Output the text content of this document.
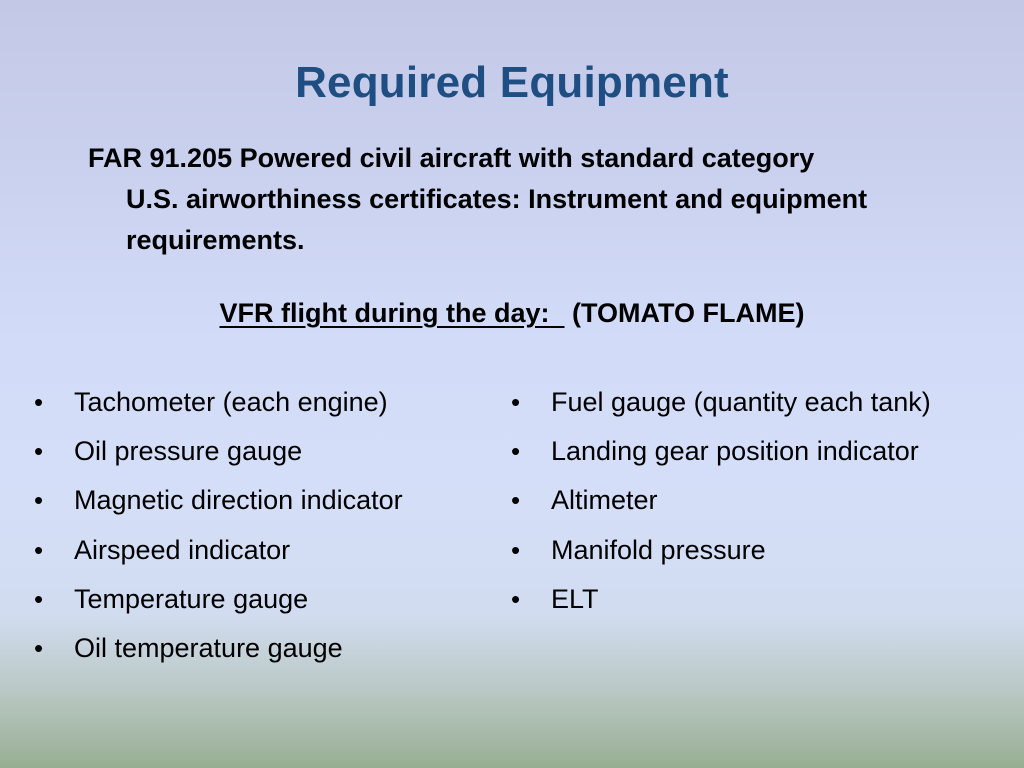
Required Equipment
FAR 91.205 Powered civil aircraft with standard category
U.S. airworthiness certificates: Instrument and equipment
requirements.
VFR flight during the day:   (TOMATO FLAME)
•	Tachometer (each engine)
•	Oil pressure gauge
•	Magnetic direction indicator
•	Airspeed indicator
•	Temperature gauge
•	Oil temperature gauge
•	Fuel gauge (quantity each tank)
•	Landing gear position indicator
•	Altimeter
•	Manifold pressure
•	ELT
